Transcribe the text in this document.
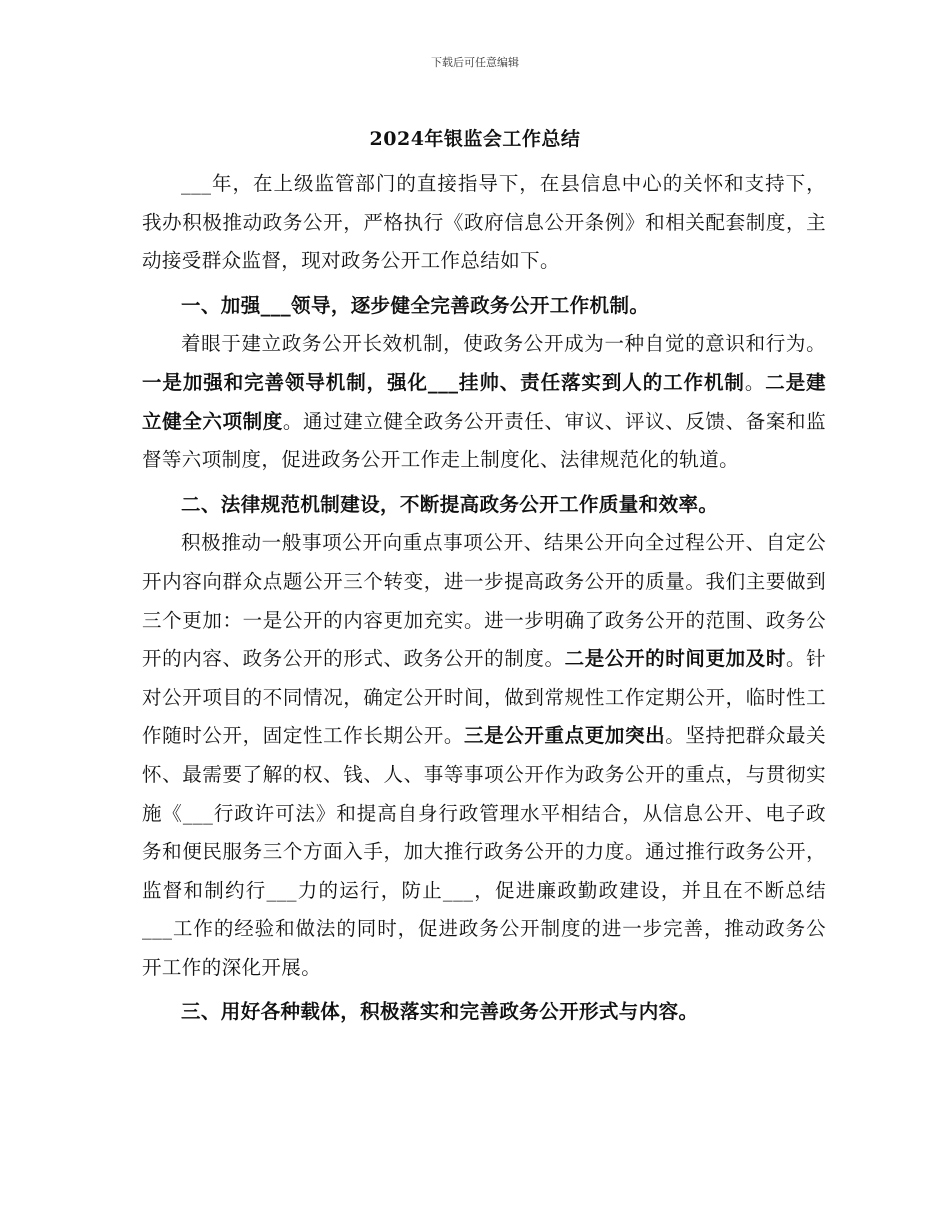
下载后可任意编辑
2024年银监会工作总结

___年，在上级监管部门的直接指导下，在县信息中心的关怀和支持下，我办积极推动政务公开，严格执行《政府信息公开条例》和相关配套制度，主动接受群众监督，现对政务公开工作总结如下。

一、加强___领导，逐步健全完善政务公开工作机制。

着眼于建立政务公开长效机制，使政务公开成为一种自觉的意识和行为。一是加强和完善领导机制，强化___挂帅、责任落实到人的工作机制。二是建立健全六项制度。通过建立健全政务公开责任、审议、评议、反馈、备案和监督等六项制度，促进政务公开工作走上制度化、法律规范化的轨道。

二、法律规范机制建设，不断提高政务公开工作质量和效率。

积极推动一般事项公开向重点事项公开、结果公开向全过程公开、自定公开内容向群众点题公开三个转变，进一步提高政务公开的质量。我们主要做到三个更加：一是公开的内容更加充实。进一步明确了政务公开的范围、政务公开的内容、政务公开的形式、政务公开的制度。二是公开的时间更加及时。针对公开项目的不同情况，确定公开时间，做到常规性工作定期公开，临时性工作随时公开，固定性工作长期公开。三是公开重点更加突出。坚持把群众最关怀、最需要了解的权、钱、人、事等事项公开作为政务公开的重点，与贯彻实施《___行政许可法》和提高自身行政管理水平相结合，从信息公开、电子政务和便民服务三个方面入手，加大推行政务公开的力度。通过推行政务公开，监督和制约行___力的运行，防止___，促进廉政勤政建设，并且在不断总结___工作的经验和做法的同时，促进政务公开制度的进一步完善，推动政务公开工作的深化开展。

三、用好各种载体，积极落实和完善政务公开形式与内容。
